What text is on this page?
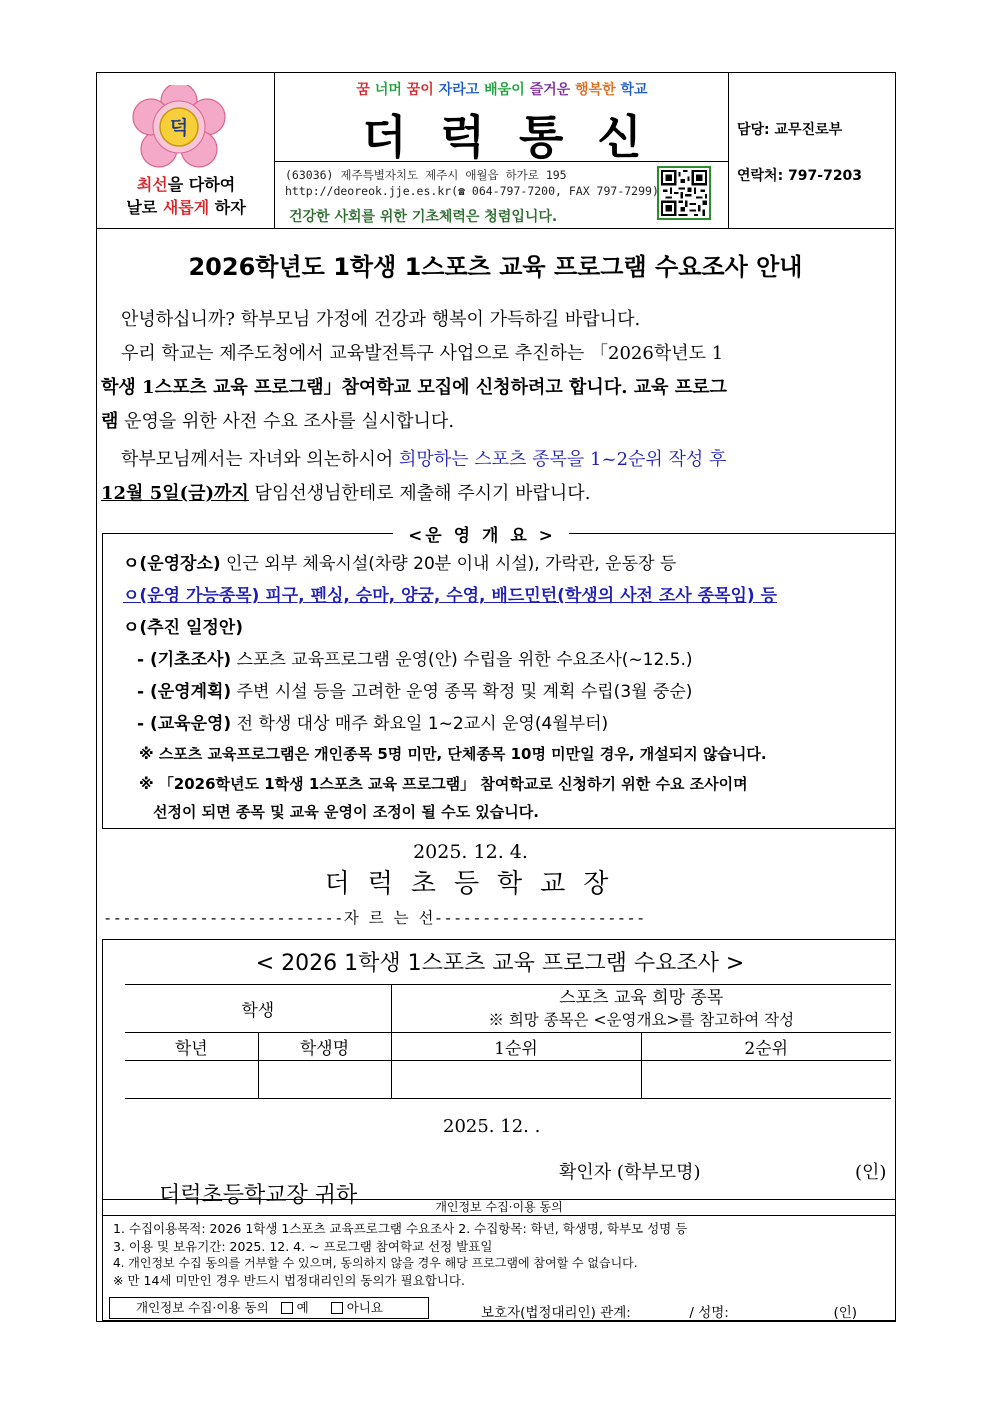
덕
최선을 다하여
날로 새롭게 하자
꿈 너머 꿈이 자라고 배움이 즐거운 행복한 학교
더럭통신
(63036) 제주특별자치도 제주시 애월읍 하가로 195
http://deoreok.jje.es.kr(☎ 064-797-7200, FAX 797-7299)
건강한 사회를 위한 기초체력은 청렴입니다.
담당: 교무진로부
연락처: 797-7203
2026학년도 1학생 1스포츠 교육 프로그램 수요조사 안내
안녕하십니까? 학부모님 가정에 건강과 행복이 가득하길 바랍니다.
우리 학교는 제주도청에서 교육발전특구 사업으로 추진하는 「2026학년도 1
학생 1스포츠 교육 프로그램」참여학교 모집에 신청하려고 합니다. 교육 프로그
램 운영을 위한 사전 수요 조사를 실시합니다.
학부모님께서는 자녀와 의논하시어 희망하는 스포츠 종목을 1~2순위 작성 후
12월 5일(금)까지 담임선생님한테로 제출해 주시기 바랍니다.
<운 영 개 요 >
ㅇ(운영장소) 인근 외부 체육시설(차량 20분 이내 시설), 가락관, 운동장 등
ㅇ(운영 가능종목) 피구, 펜싱, 승마, 양궁, 수영, 배드민턴(학생의 사전 조사 종목임) 등
ㅇ(추진 일정안)
- (기초조사) 스포츠 교육프로그램 운영(안) 수립을 위한 수요조사(~12.5.)
- (운영계획) 주변 시설 등을 고려한 운영 종목 확정 및 계획 수립(3월 중순)
- (교육운영) 전 학생 대상 매주 화요일 1~2교시 운영(4월부터)
※ 스포츠 교육프로그램은 개인종목 5명 미만, 단체종목 10명 미만일 경우, 개설되지 않습니다.
※ 「2026학년도 1학생 1스포츠 교육 프로그램」 참여학교로 신청하기 위한 수요 조사이며
선정이 되면 종목 및 교육 운영이 조정이 될 수도 있습니다.
2025. 12. 4.
더럭초등학교장
-------------------------자 르 는 선----------------------
< 2026 1학생 1스포츠 교육 프로그램 수요조사 >
학생		스포츠 교육 희망 종목
※ 희망 종목은 <운영개요>를 참고하여 작성	

학년	학생명	1순위	2순위

2025. 12. .
확인자 (학부모명)	(인)
더럭초등학교장 귀하	개인정보 수집·이용 동의
1. 수집이용목적: 2026 1학생 1스포츠 교육프로그램 수요조사 2. 수집항목: 학년, 학생명, 학부모 성명 등
3. 이용 및 보유기간: 2025. 12. 4. ~ 프로그램 참여학교 선정 발표일
4. 개인정보 수집 동의를 거부할 수 있으며, 동의하지 않을 경우 해당 프로그램에 참여할 수 없습니다.
※ 만 14세 미만인 경우 반드시 법정대리인의 동의가 필요합니다.
개인정보 수집·이용 동의 예	아니요	보호자(법정대리인) 관계:	/ 성명:	(인)
